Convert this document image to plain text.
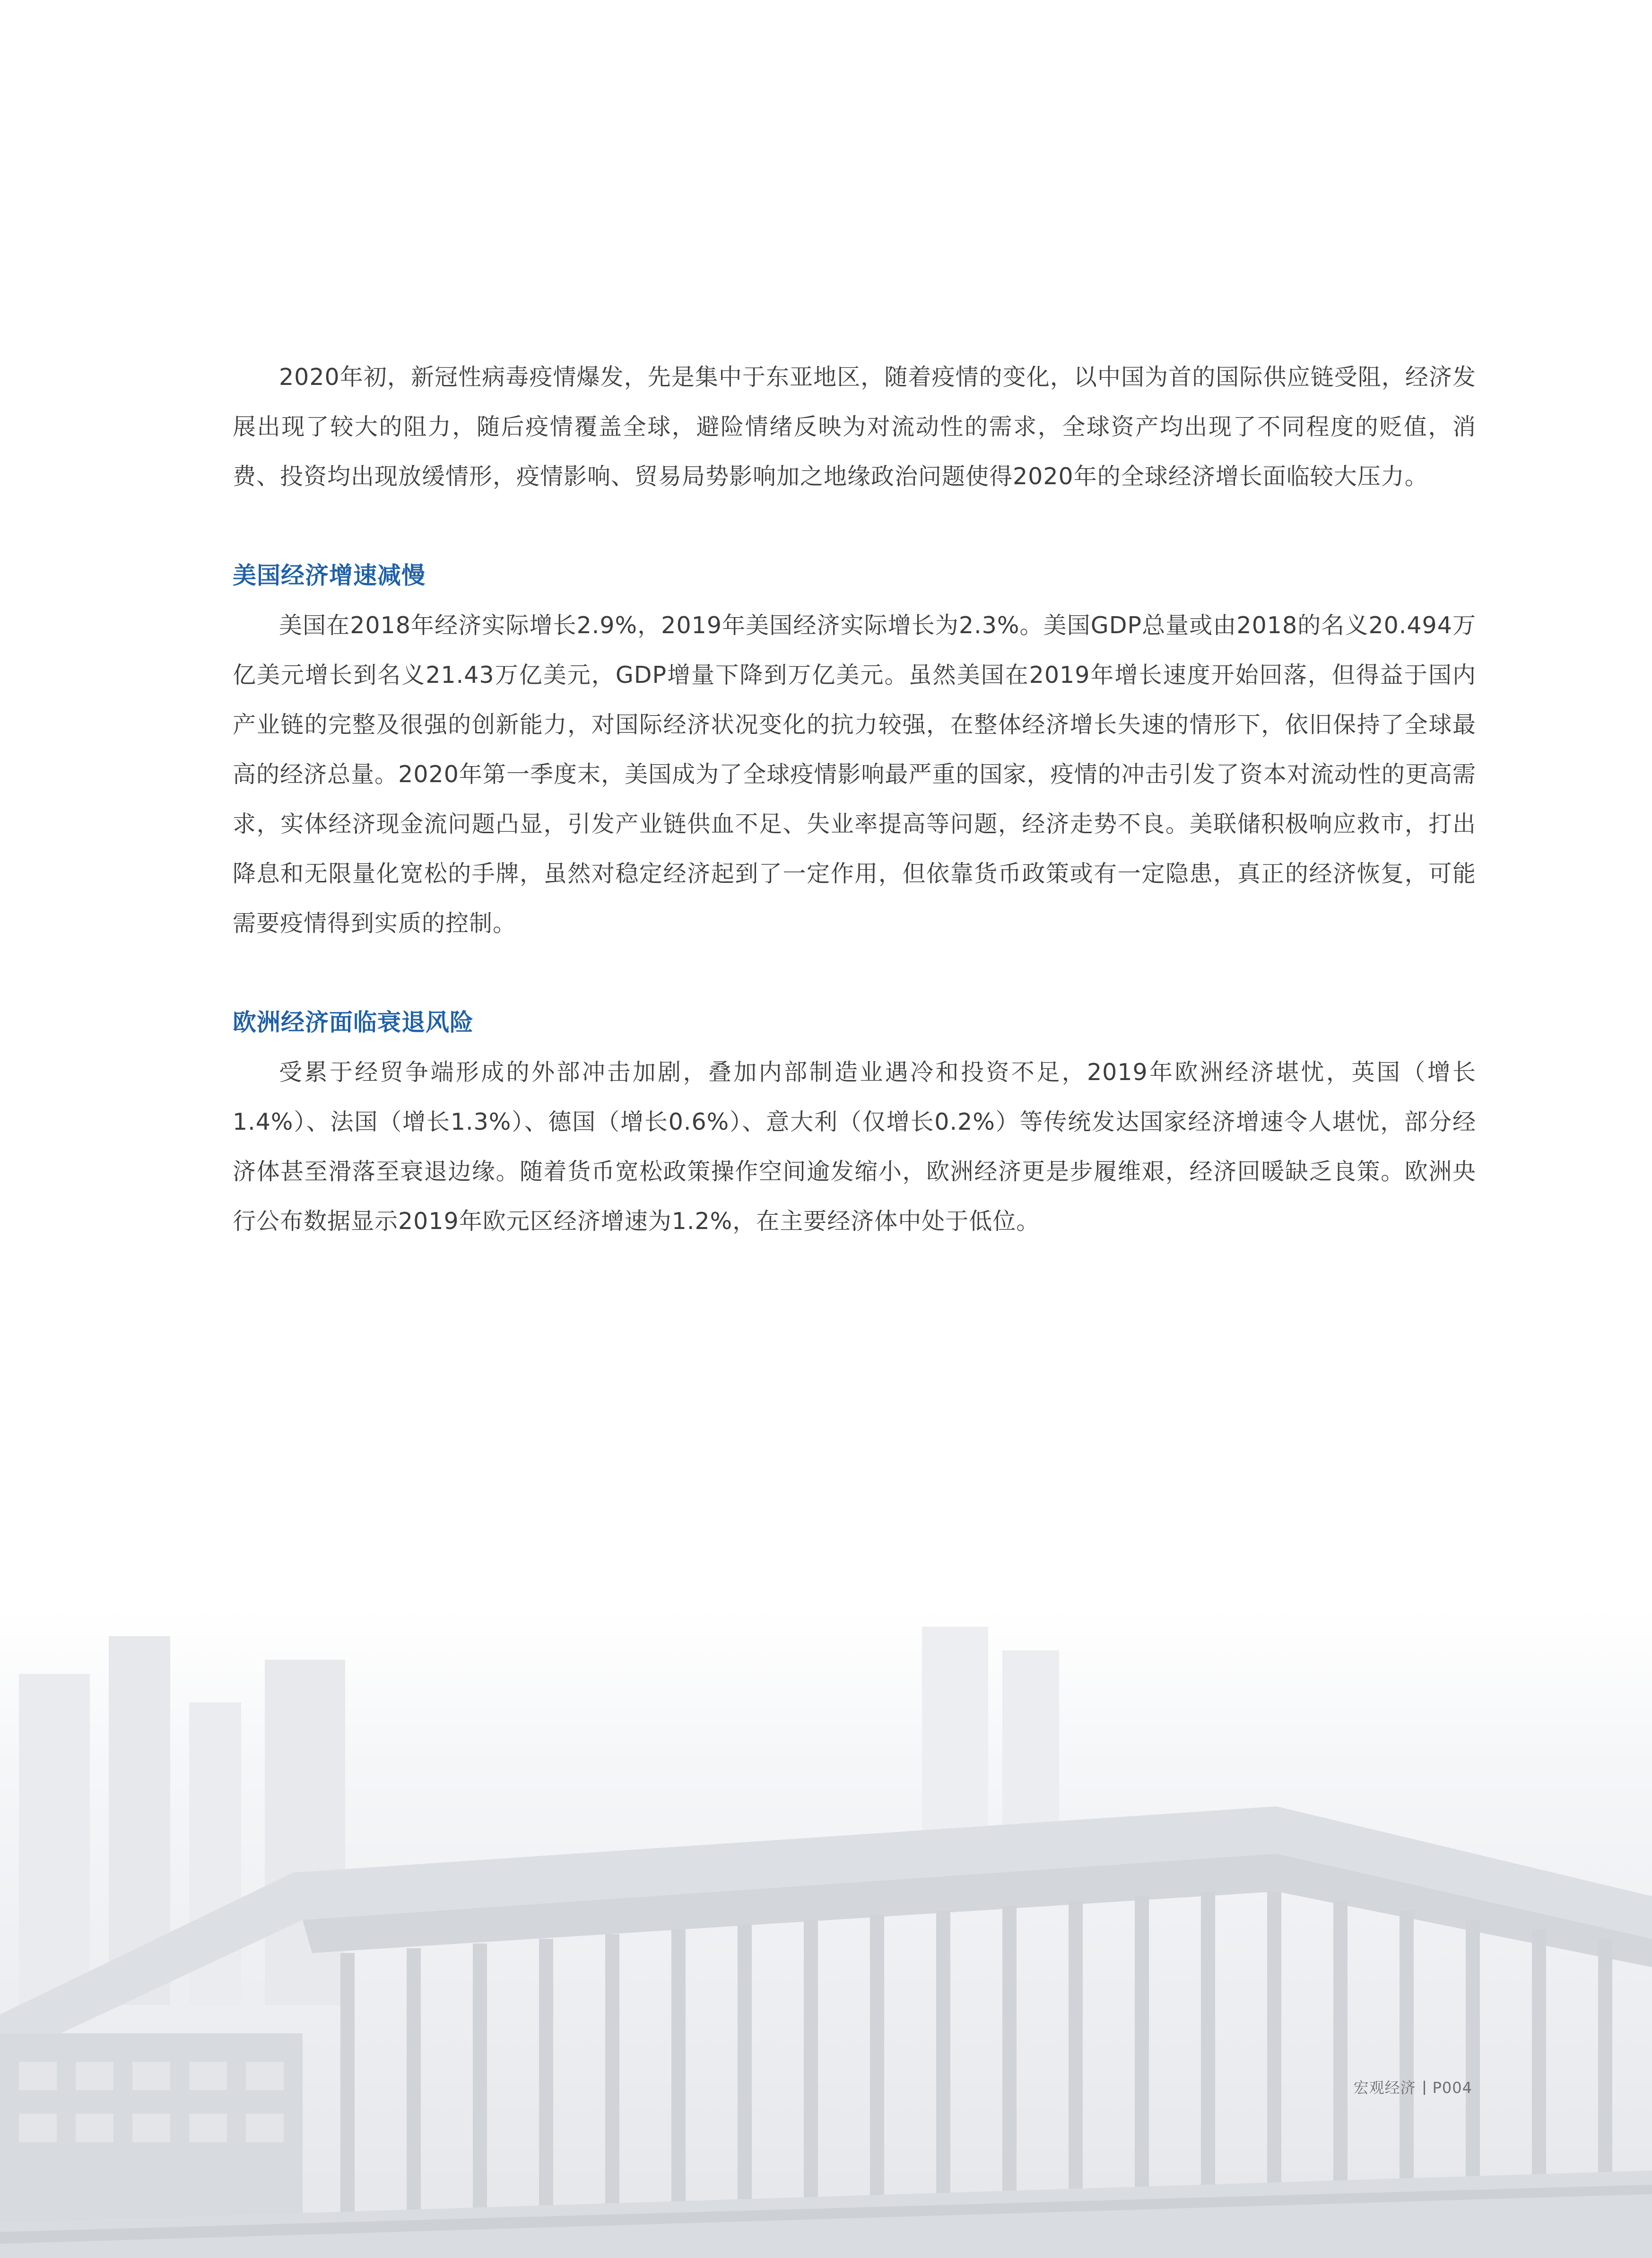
2020年初，新冠性病毒疫情爆发，先是集中于东亚地区，随着疫情的变化，以中国为首的国际供应链受阻，经济发展出现了较大的阻力，随后疫情覆盖全球，避险情绪反映为对流动性的需求，全球资产均出现了不同程度的贬值，消费、投资均出现放缓情形，疫情影响、贸易局势影响加之地缘政治问题使得2020年的全球经济增长面临较大压力。

美国经济增速减慢

美国在2018年经济实际增长2.9%，2019年美国经济实际增长为2.3%。美国GDP总量或由2018的名义20.494万亿美元增长到名义21.43万亿美元，GDP增量下降到万亿美元。虽然美国在2019年增长速度开始回落，但得益于国内产业链的完整及很强的创新能力，对国际经济状况变化的抗力较强，在整体经济增长失速的情形下，依旧保持了全球最高的经济总量。2020年第一季度末，美国成为了全球疫情影响最严重的国家，疫情的冲击引发了资本对流动性的更高需求，实体经济现金流问题凸显，引发产业链供血不足、失业率提高等问题，经济走势不良。美联储积极响应救市，打出降息和无限量化宽松的手牌，虽然对稳定经济起到了一定作用，但依靠货币政策或有一定隐患，真正的经济恢复，可能需要疫情得到实质的控制。

欧洲经济面临衰退风险

受累于经贸争端形成的外部冲击加剧，叠加内部制造业遇冷和投资不足，2019年欧洲经济堪忧，英国（增长1.4%）、法国（增长1.3%）、德国（增长0.6%）、意大利（仅增长0.2%）等传统发达国家经济增速令人堪忧，部分经济体甚至滑落至衰退边缘。随着货币宽松政策操作空间逾发缩小，欧洲经济更是步履维艰，经济回暖缺乏良策。欧洲央行公布数据显示2019年欧元区经济增速为1.2%，在主要经济体中处于低位。

宏观经济 P004
